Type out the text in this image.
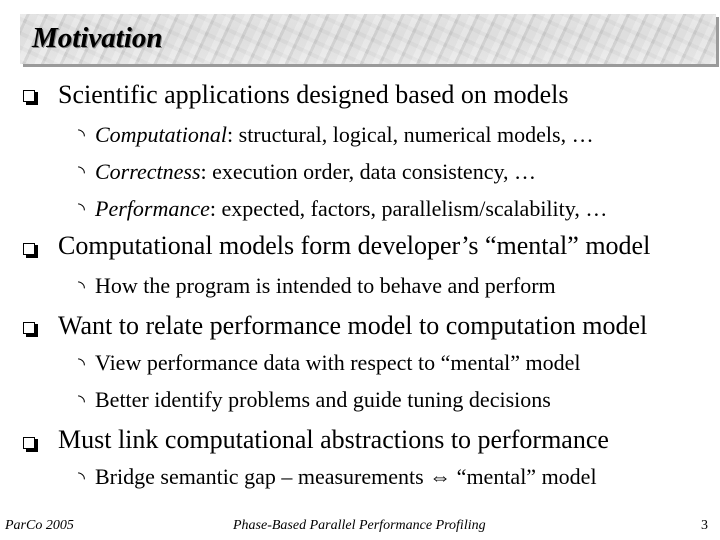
Motivation
Scientific applications designed based on models
◝ Computational: structural, logical, numerical models, …
◝ Correctness: execution order, data consistency, …
◝ Performance: expected, factors, parallelism/scalability, …
Computational models form developer’s “mental” model
◝ How the program is intended to behave and perform
Want to relate performance model to computation model
◝ View performance data with respect to “mental” model
◝ Better identify problems and guide tuning decisions
Must link computational abstractions to performance
◝ Bridge semantic gap – measurements ⇔ “mental” model
ParCo 2005	Phase-Based Parallel Performance Profiling	3
